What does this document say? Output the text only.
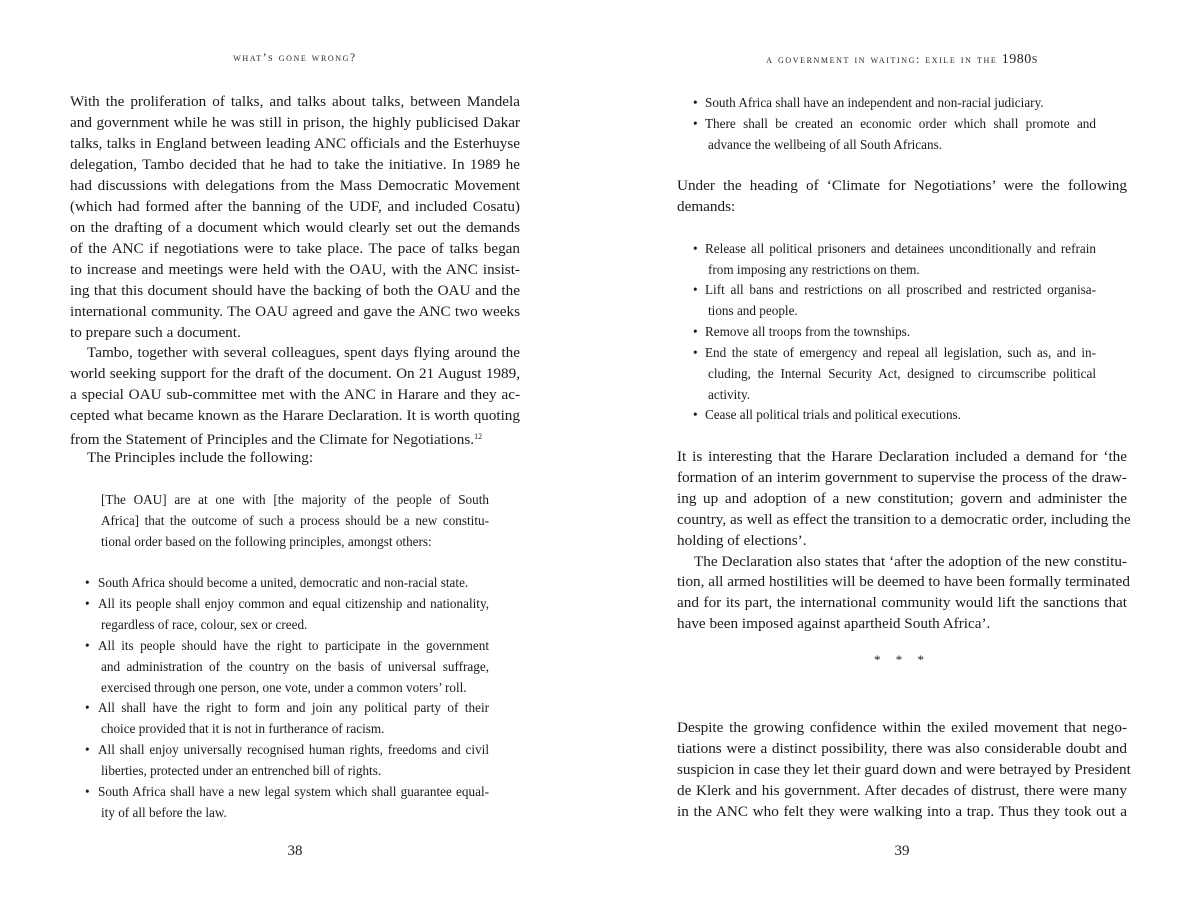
what’s gone wrong?
With the proliferation of talks, and talks about talks, between Mandela
and government while he was still in prison, the highly publicised Dakar
talks, talks in England between leading ANC officials and the Esterhuyse
delegation, Tambo decided that he had to take the initiative. In 1989 he
had discussions with delegations from the Mass Democratic Movement
(which had formed after the banning of the UDF, and included Cosatu)
on the drafting of a document which would clearly set out the demands
of the ANC if negotiations were to take place. The pace of talks began
to increase and meetings were held with the OAU, with the ANC insist-
ing that this document should have the backing of both the OAU and the
international community. The OAU agreed and gave the ANC two weeks
to prepare such a document.
Tambo, together with several colleagues, spent days flying around the
world seeking support for the draft of the document. On 21 August 1989,
a special OAU sub-committee met with the ANC in Harare and they ac-
cepted what became known as the Harare Declaration. It is worth quoting
from the Statement of Principles and the Climate for Negotiations.$^{12}$
The Principles include the following:
[The OAU] are at one with [the majority of the people of South
Africa] that the outcome of such a process should be a new constitu-
tional order based on the following principles, amongst others:
• South Africa should become a united, democratic and non-racial state.
• All its people shall enjoy common and equal citizenship and nationality,
regardless of race, colour, sex or creed.
• All its people should have the right to participate in the government
and administration of the country on the basis of universal suffrage,
exercised through one person, one vote, under a common voters’ roll.
• All shall have the right to form and join any political party of their
choice provided that it is not in furtherance of racism.
• All shall enjoy universally recognised human rights, freedoms and civil
liberties, protected under an entrenched bill of rights.
• South Africa shall have a new legal system which shall guarantee equal-
ity of all before the law.
38
a government in waiting: exile in the 1980s
• South Africa shall have an independent and non-racial judiciary.
• There shall be created an economic order which shall promote and
advance the wellbeing of all South Africans.
Under the heading of ‘Climate for Negotiations’ were the following
demands:
• Release all political prisoners and detainees unconditionally and refrain
from imposing any restrictions on them.
• Lift all bans and restrictions on all proscribed and restricted organisa-
tions and people.
• Remove all troops from the townships.
• End the state of emergency and repeal all legislation, such as, and in-
cluding, the Internal Security Act, designed to circumscribe political
activity.
• Cease all political trials and political executions.
It is interesting that the Harare Declaration included a demand for ‘the
formation of an interim government to supervise the process of the draw-
ing up and adoption of a new constitution; govern and administer the
country, as well as effect the transition to a democratic order, including the
holding of elections’.
The Declaration also states that ‘after the adoption of the new constitu-
tion, all armed hostilities will be deemed to have been formally terminated
and for its part, the international community would lift the sanctions that
have been imposed against apartheid South Africa’.
* * *
Despite the growing confidence within the exiled movement that nego-
tiations were a distinct possibility, there was also considerable doubt and
suspicion in case they let their guard down and were betrayed by President
de Klerk and his government. After decades of distrust, there were many
in the ANC who felt they were walking into a trap. Thus they took out a
39
